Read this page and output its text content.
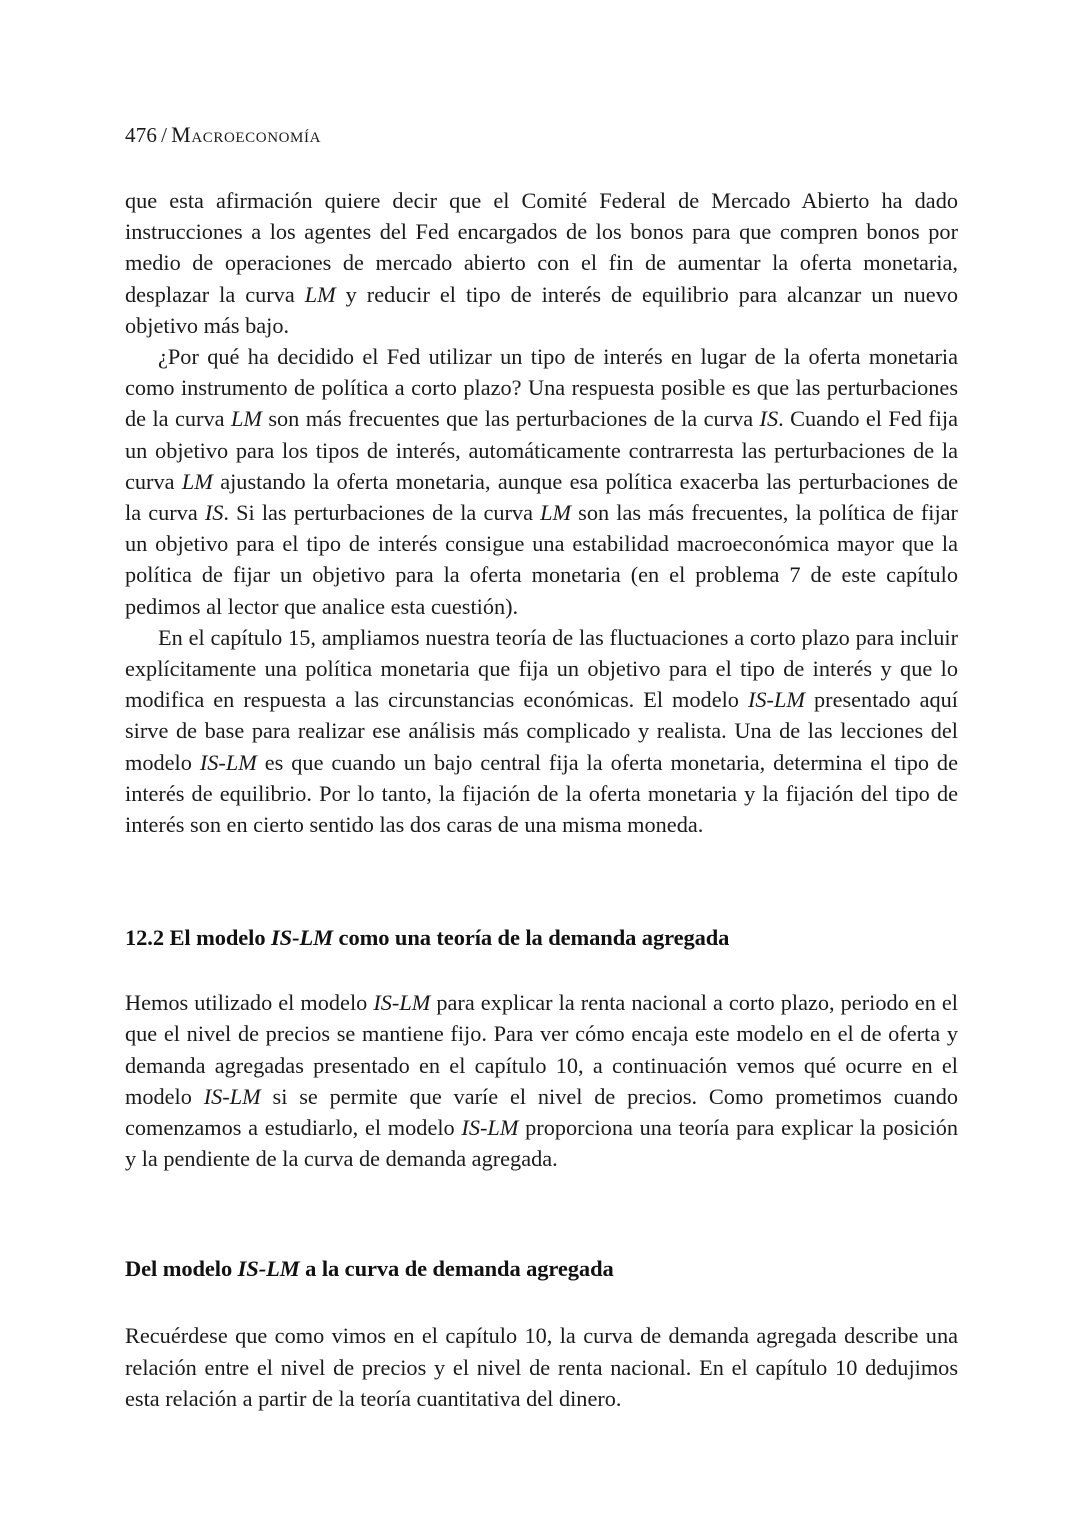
476 / Macroeconomía

que esta afirmación quiere decir que el Comité Federal de Mercado Abierto ha dado instrucciones a los agentes del Fed encargados de los bonos para que compren bonos por medio de operaciones de mercado abierto con el fin de aumentar la oferta monetaria, desplazar la curva LM y reducir el tipo de interés de equilibrio para alcanzar un nuevo objetivo más bajo.

¿Por qué ha decidido el Fed utilizar un tipo de interés en lugar de la oferta monetaria como instrumento de política a corto plazo? Una respuesta posible es que las perturbaciones de la curva LM son más frecuentes que las perturbaciones de la curva IS. Cuando el Fed fija un objetivo para los tipos de interés, automáticamente contrarresta las perturbaciones de la curva LM ajustando la oferta monetaria, aunque esa política exacerba las perturbaciones de la curva IS. Si las perturbaciones de la curva LM son las más frecuentes, la política de fijar un objetivo para el tipo de interés consigue una estabilidad macroeconómica mayor que la política de fijar un objetivo para la oferta monetaria (en el problema 7 de este capítulo pedimos al lector que analice esta cuestión).

En el capítulo 15, ampliamos nuestra teoría de las fluctuaciones a corto plazo para incluir explícitamente una política monetaria que fija un objetivo para el tipo de interés y que lo modifica en respuesta a las circunstancias económicas. El modelo IS-LM presentado aquí sirve de base para realizar ese análisis más complicado y realista. Una de las lecciones del modelo IS-LM es que cuando un bajo central fija la oferta monetaria, determina el tipo de interés de equilibrio. Por lo tanto, la fijación de la oferta monetaria y la fijación del tipo de interés son en cierto sentido las dos caras de una misma moneda.

12.2 El modelo IS-LM como una teoría de la demanda agregada

Hemos utilizado el modelo IS-LM para explicar la renta nacional a corto plazo, periodo en el que el nivel de precios se mantiene fijo. Para ver cómo encaja este modelo en el de oferta y demanda agregadas presentado en el capítulo 10, a continuación vemos qué ocurre en el modelo IS-LM si se permite que varíe el nivel de precios. Como prometimos cuando comenzamos a estudiarlo, el modelo IS-LM proporciona una teoría para explicar la posición y la pendiente de la curva de demanda agregada.

Del modelo IS-LM a la curva de demanda agregada

Recuérdese que como vimos en el capítulo 10, la curva de demanda agregada describe una relación entre el nivel de precios y el nivel de renta nacional. En el capítulo 10 dedujimos esta relación a partir de la teoría cuantitativa del dinero.
